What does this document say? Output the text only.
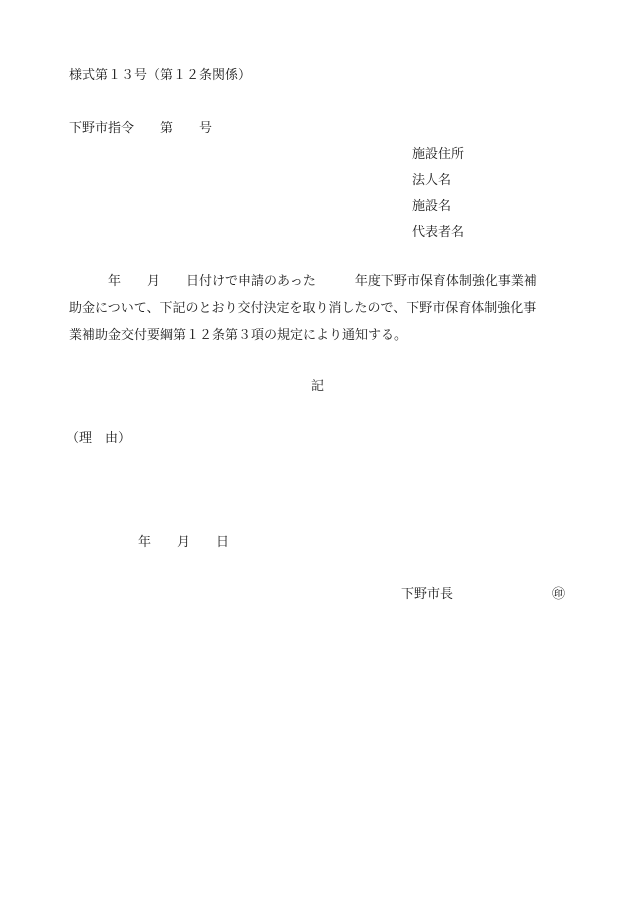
様式第１３号（第１２条関係）
下野市指令　　第　　号
施設住所
法人名
施設名
代表者名
　　　年　　月　　日付けで申請のあった　　　年度下野市保育体制強化事業補
助金について、下記のとおり交付決定を取り消したので、下野市保育体制強化事
業補助金交付要綱第１２条第３項の規定により通知する。
記
（理　由）
年　　月　　日
下野市長	㊞
